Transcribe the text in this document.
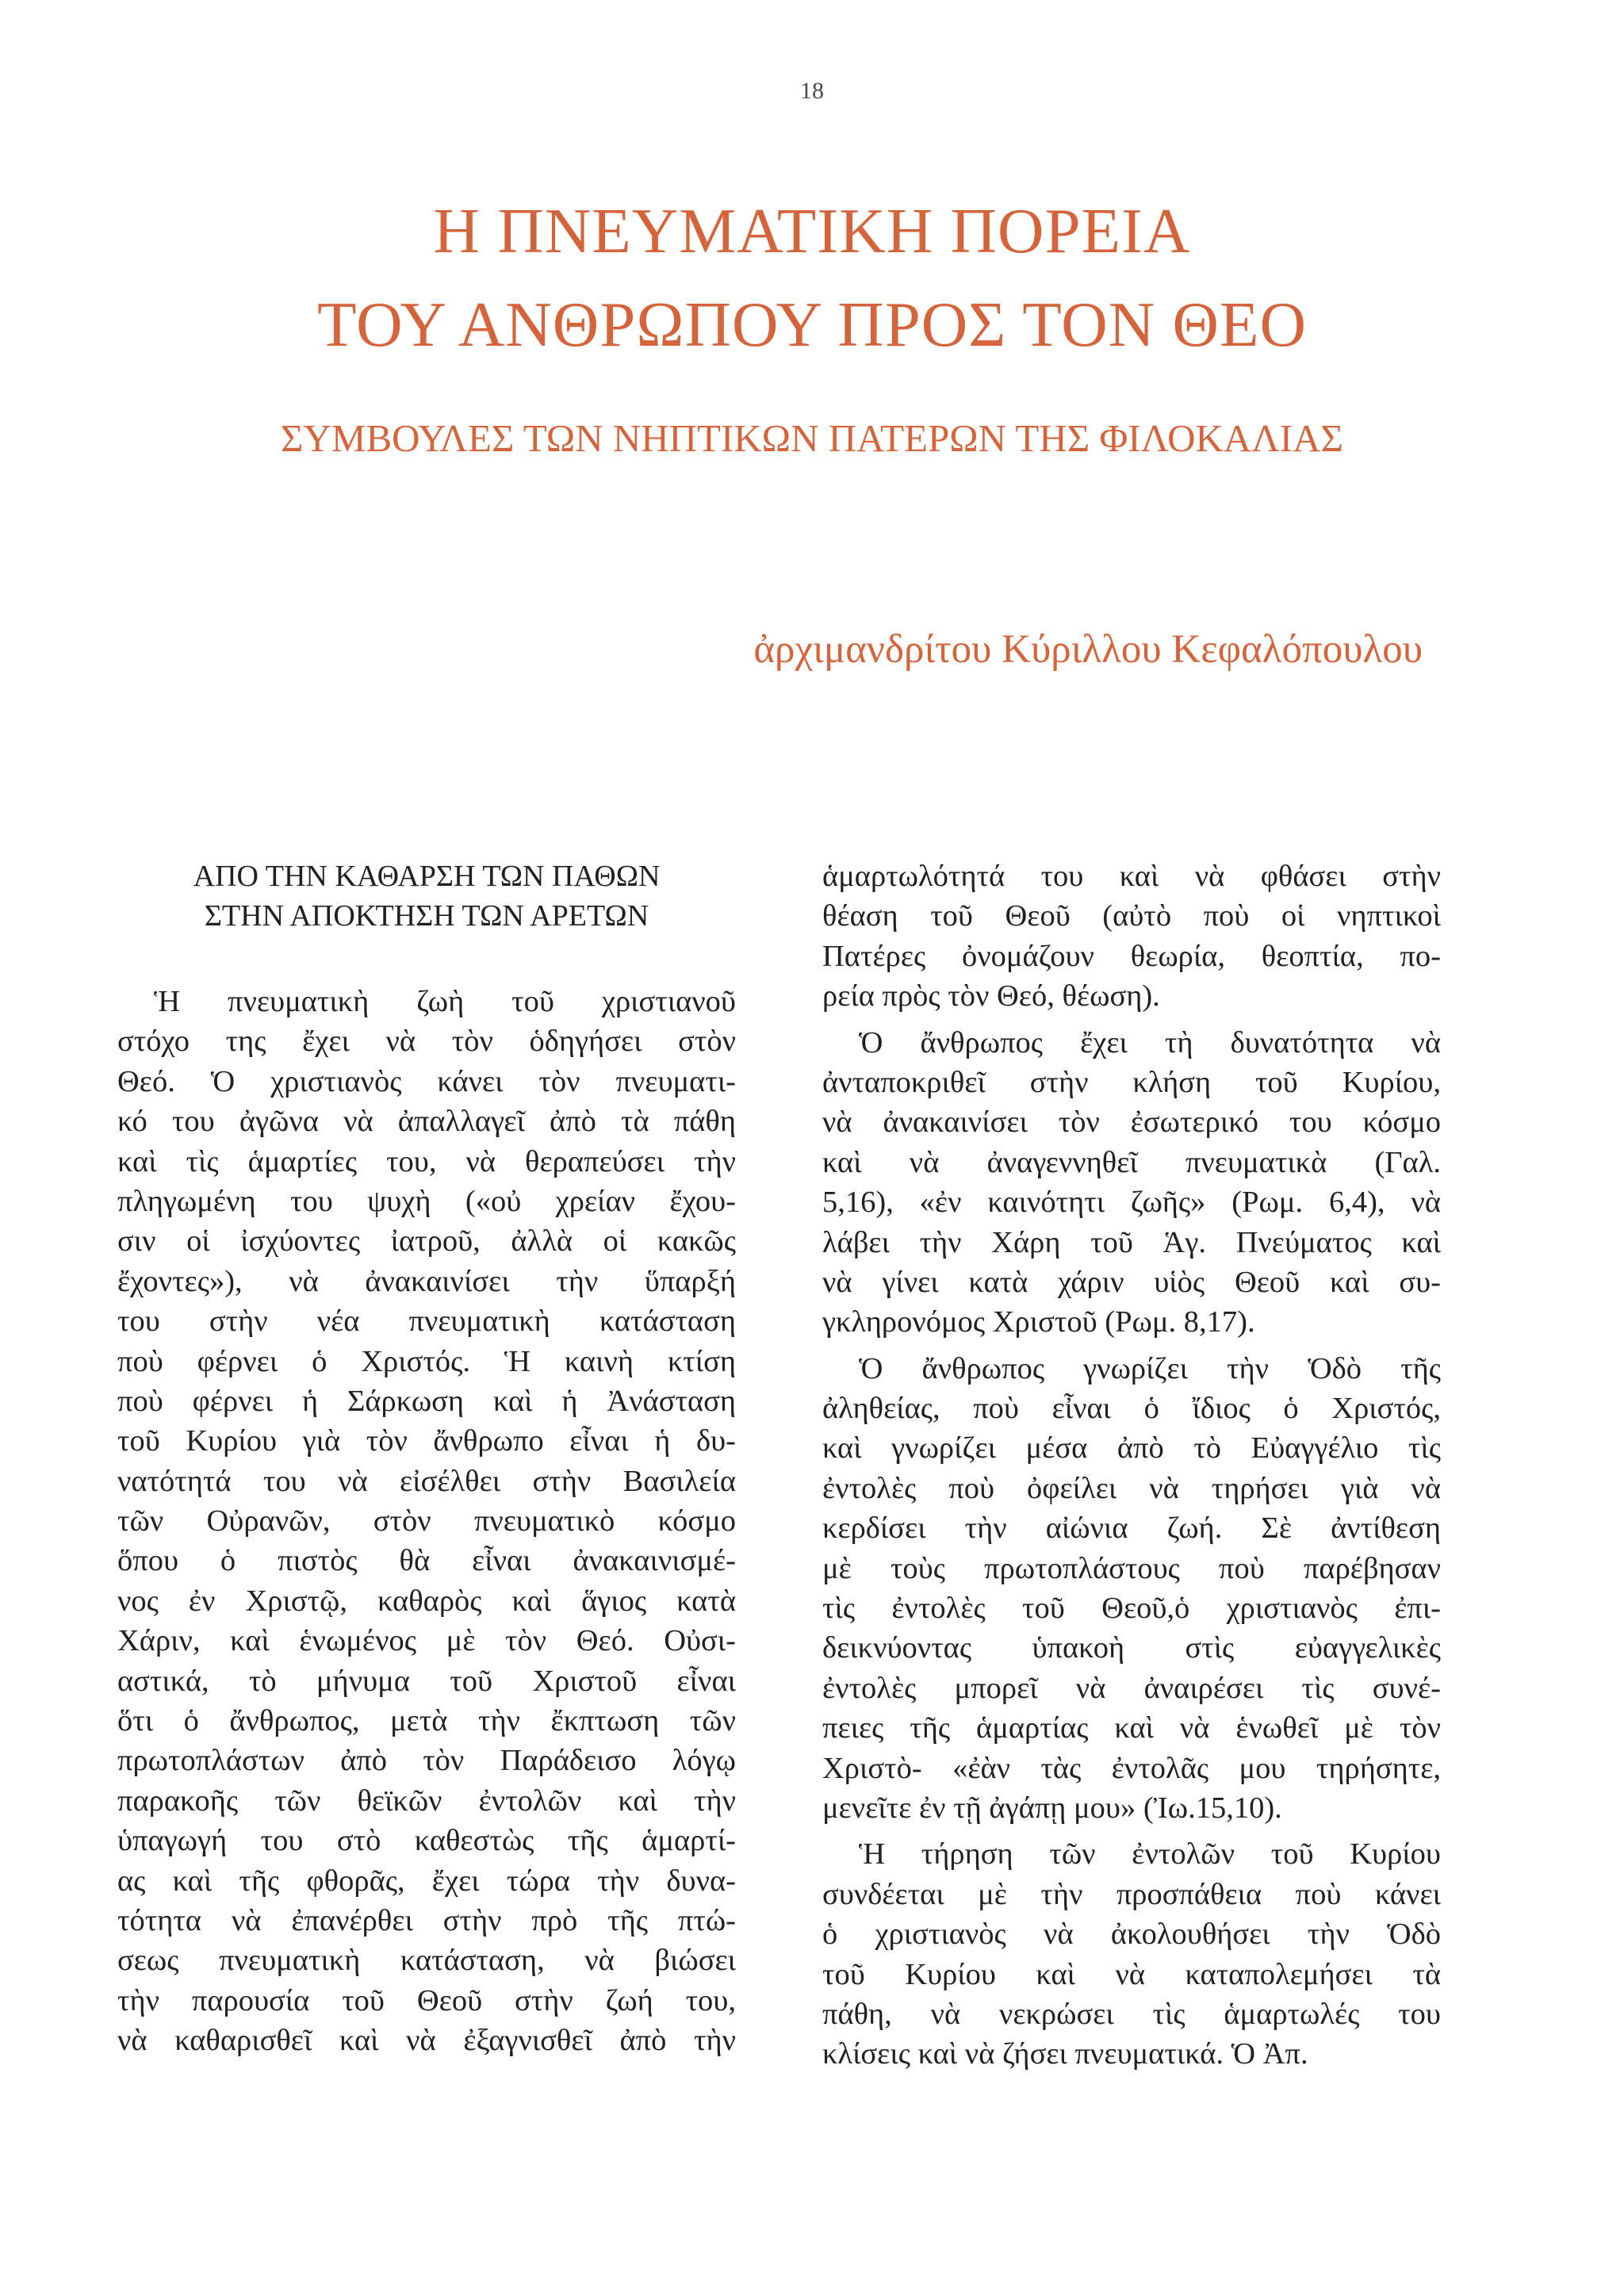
18
Η ΠΝΕΥΜΑΤΙΚΗ ΠΟΡΕΙΑ
ΤΟΥ ΑΝΘΡΩΠΟΥ ΠΡΟΣ ΤΟΝ ΘΕΟ
ΣΥΜΒΟΥΛΕΣ ΤΩΝ ΝΗΠΤΙΚΩΝ ΠΑΤΕΡΩΝ ΤΗΣ ΦΙΛΟΚΑΛΙΑΣ
ἀρχιμανδρίτου Κύριλλου Κεφαλόπουλου
ΑΠΟ ΤΗΝ ΚΑΘΑΡΣΗ ΤΩΝ ΠΑΘΩΝ
ΣΤΗΝ ΑΠΟΚΤΗΣΗ ΤΩΝ ΑΡΕΤΩΝ
Ἡ πνευματικὴ ζωὴ τοῦ χριστιανοῦ
στόχο της ἔχει νὰ τὸν ὁδηγήσει στὸν
Θεό. Ὁ χριστιανὸς κάνει τὸν πνευματι-
κό του ἀγῶνα νὰ ἀπαλλαγεῖ ἀπὸ τὰ πάθη
καὶ τὶς ἁμαρτίες του, νὰ θεραπεύσει τὴν
πληγωμένη του ψυχὴ («οὐ χρείαν ἔχου-
σιν οἱ ἰσχύοντες ἰατροῦ, ἀλλὰ οἱ κακῶς
ἔχοντες»), νὰ ἀνακαινίσει τὴν ὕπαρξή
του στὴν νέα πνευματικὴ κατάσταση
ποὺ φέρνει ὁ Χριστός. Ἡ καινὴ κτίση
ποὺ φέρνει ἡ Σάρκωση καὶ ἡ Ἀνάσταση
τοῦ Κυρίου γιὰ τὸν ἄνθρωπο εἶναι ἡ δυ-
νατότητά του νὰ εἰσέλθει στὴν Βασιλεία
τῶν Οὐρανῶν, στὸν πνευματικὸ κόσμο
ὅπου ὁ πιστὸς θὰ εἶναι ἀνακαινισμέ-
νος ἐν Χριστῷ, καθαρὸς καὶ ἅγιος κατὰ
Χάριν, καὶ ἑνωμένος μὲ τὸν Θεό. Οὐσι-
αστικά, τὸ μήνυμα τοῦ Χριστοῦ εἶναι
ὅτι ὁ ἄνθρωπος, μετὰ τὴν ἔκπτωση τῶν
πρωτοπλάστων ἀπὸ τὸν Παράδεισο λόγῳ
παρακοῆς τῶν θεϊκῶν ἐντολῶν καὶ τὴν
ὑπαγωγή του στὸ καθεστὼς τῆς ἁμαρτί-
ας καὶ τῆς φθορᾶς, ἔχει τώρα τὴν δυνα-
τότητα νὰ ἐπανέρθει στὴν πρὸ τῆς πτώ-
σεως πνευματικὴ κατάσταση, νὰ βιώσει
τὴν παρουσία τοῦ Θεοῦ στὴν ζωή του,
νὰ καθαρισθεῖ καὶ νὰ ἐξαγνισθεῖ ἀπὸ τὴν
ἁμαρτωλότητά του καὶ νὰ φθάσει στὴν
θέαση τοῦ Θεοῦ (αὐτὸ ποὺ οἱ νηπτικοὶ
Πατέρες ὀνομάζουν θεωρία, θεοπτία, πο-
ρεία πρὸς τὸν Θεό, θέωση).
Ὁ ἄνθρωπος ἔχει τὴ δυνατότητα νὰ
ἀνταποκριθεῖ στὴν κλήση τοῦ Κυρίου,
νὰ ἀνακαινίσει τὸν ἐσωτερικό του κόσμο
καὶ νὰ ἀναγεννηθεῖ πνευματικὰ (Γαλ.
5,16), «ἐν καινότητι ζωῆς» (Ρωμ. 6,4), νὰ
λάβει τὴν Χάρη τοῦ Ἁγ. Πνεύματος καὶ
νὰ γίνει κατὰ χάριν υἱὸς Θεοῦ καὶ συ-
γκληρονόμος Χριστοῦ (Ρωμ. 8,17).
Ὁ ἄνθρωπος γνωρίζει τὴν Ὁδὸ τῆς
ἀληθείας, ποὺ εἶναι ὁ ἴδιος ὁ Χριστός,
καὶ γνωρίζει μέσα ἀπὸ τὸ Εὐαγγέλιο τὶς
ἐντολὲς ποὺ ὀφείλει νὰ τηρήσει γιὰ νὰ
κερδίσει τὴν αἰώνια ζωή. Σὲ ἀντίθεση
μὲ τοὺς πρωτοπλάστους ποὺ παρέβησαν
τὶς ἐντολὲς τοῦ Θεοῦ,ὁ χριστιανὸς ἐπι-
δεικνύοντας ὑπακοὴ στὶς εὐαγγελικὲς
ἐντολὲς μπορεῖ νὰ ἀναιρέσει τὶς συνέ-
πειες τῆς ἁμαρτίας καὶ νὰ ἑνωθεῖ μὲ τὸν
Χριστὸ- «ἐὰν τὰς ἐντολᾶς μου τηρήσητε,
μενεῖτε ἐν τῇ ἀγάπῃ μου» (Ἰω.15,10).
Ἡ τήρηση τῶν ἐντολῶν τοῦ Κυρίου
συνδέεται μὲ τὴν προσπάθεια ποὺ κάνει
ὁ χριστιανὸς νὰ ἀκολουθήσει τὴν Ὁδὸ
τοῦ Κυρίου καὶ νὰ καταπολεμήσει τὰ
πάθη, νὰ νεκρώσει τὶς ἁμαρτωλές του
κλίσεις καὶ νὰ ζήσει πνευματικά. Ὁ Ἀπ.
